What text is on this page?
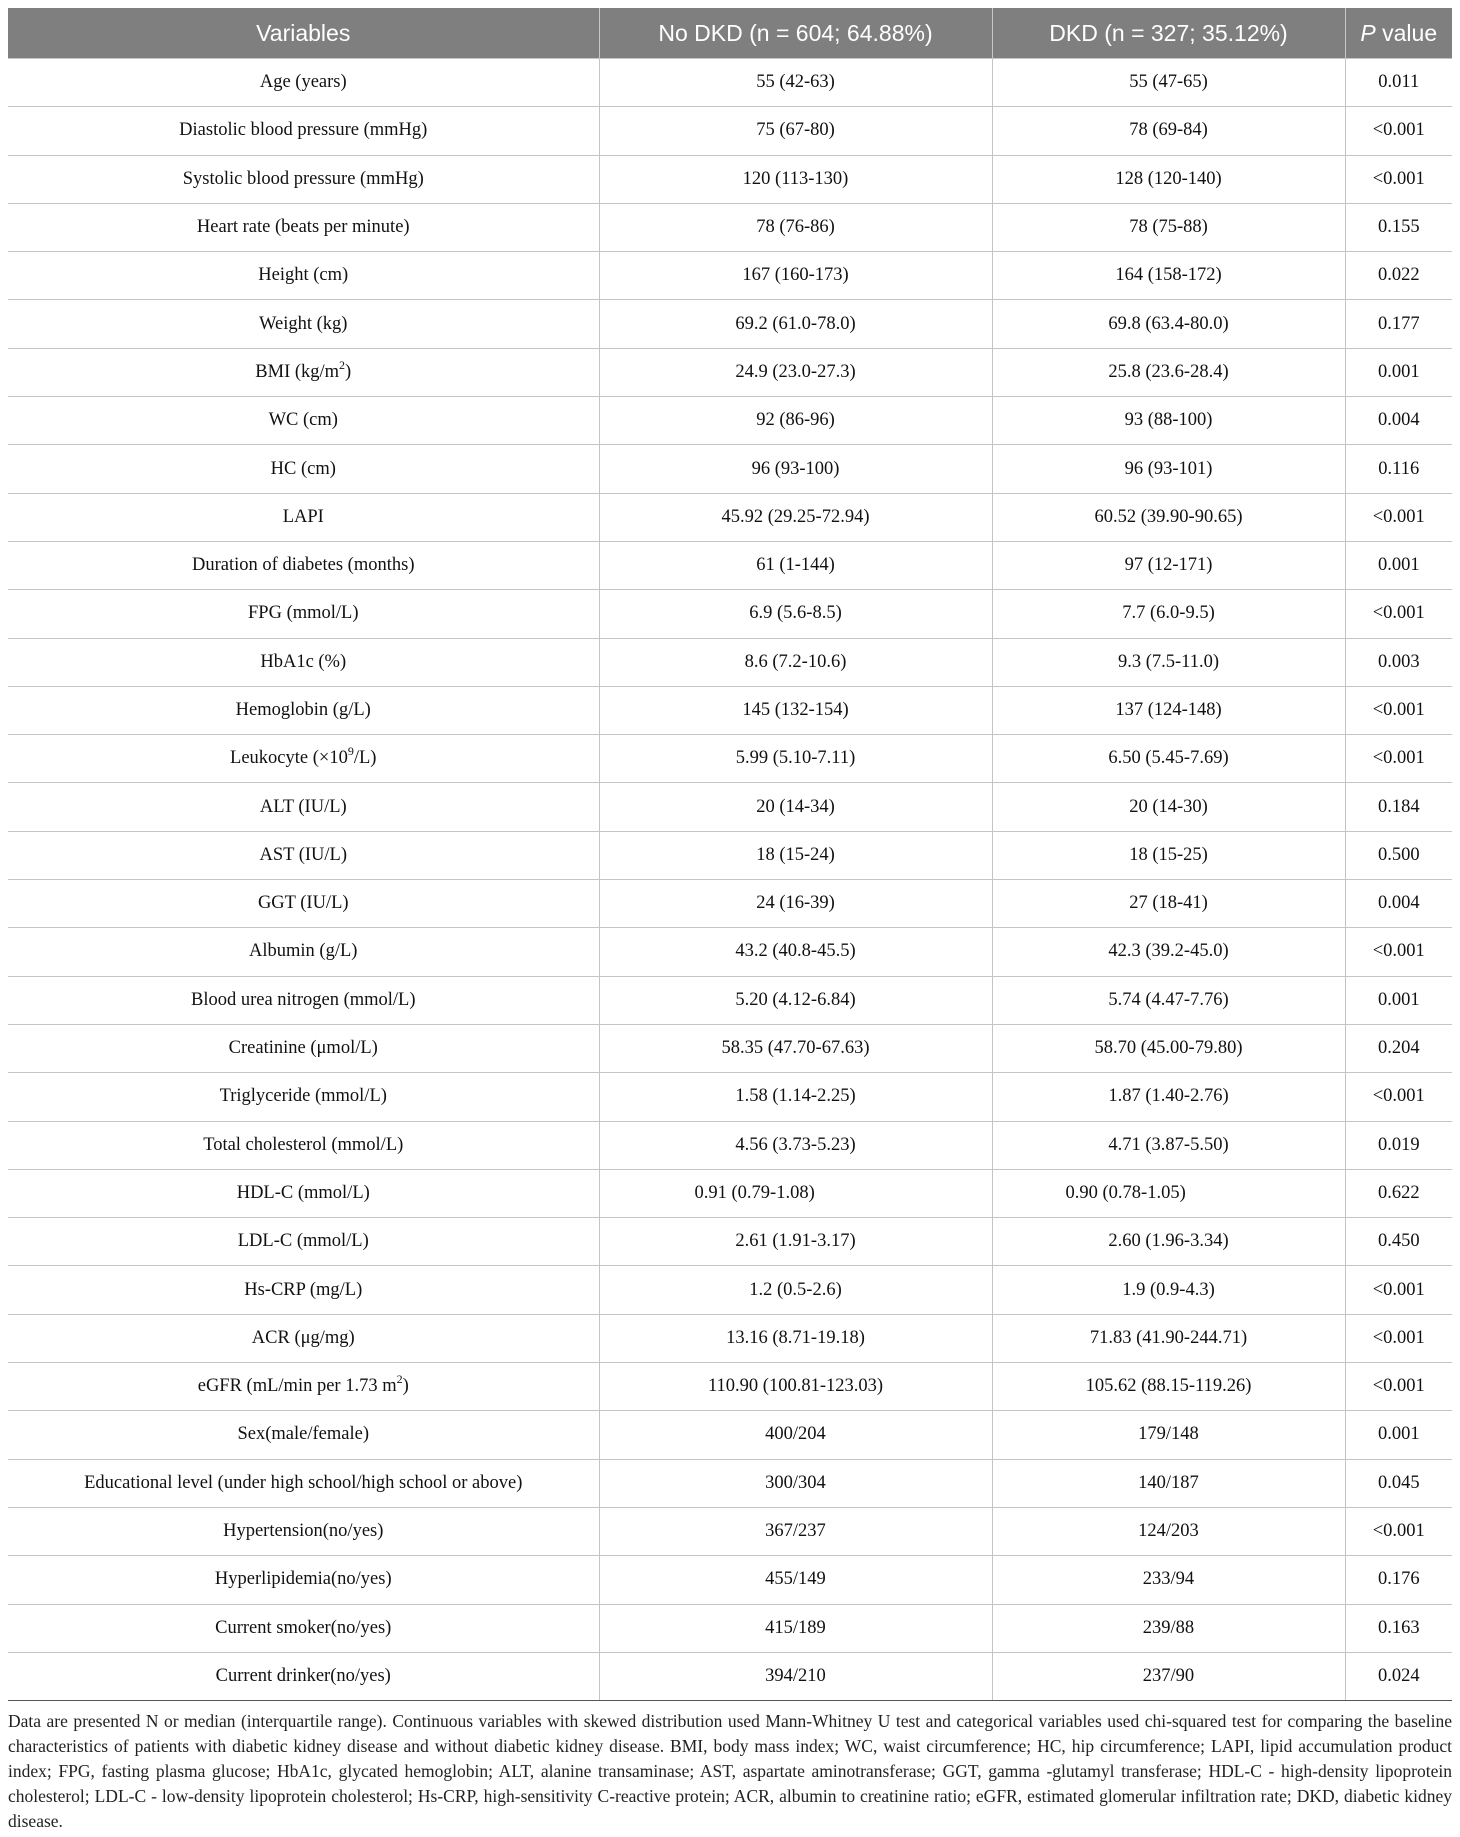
Variables	No DKD (n = 604; 64.88%)	DKD (n = 327; 35.12%)	P value
Age (years)	55 (42-63)	55 (47-65)	0.011
Diastolic blood pressure (mmHg)	75 (67-80)	78 (69-84)	<0.001
Systolic blood pressure (mmHg)	120 (113-130)	128 (120-140)	<0.001
Heart rate (beats per minute)	78 (76-86)	78 (75-88)	0.155
Height (cm)	167 (160-173)	164 (158-172)	0.022
Weight (kg)	69.2 (61.0-78.0)	69.8 (63.4-80.0)	0.177
BMI $(kg/m^2)$	24.9 (23.0-27.3)	25.8 (23.6-28.4)	0.001
WC (cm)	92 (86-96)	93 (88-100)	0.004
HC (cm)	96 (93-100)	96 (93-101)	0.116
LAPI	45.92 (29.25-72.94)	60.52 (39.90-90.65)	<0.001
Duration of diabetes (months)	61 (1-144)	97 (12-171)	0.001
FPG (mmol/L)	6.9 (5.6-8.5)	7.7 (6.0-9.5)	<0.001
HbA1c (%)	8.6 (7.2-10.6)	9.3 (7.5-11.0)	0.003
Hemoglobin (g/L)	145 (132-154)	137 (124-148)	<0.001
Leukocyte $(\times 10^9/L)$	5.99 (5.10-7.11)	6.50 (5.45-7.69)	<0.001
ALT (IU/L)	20 (14-34)	20 (14-30)	0.184
AST (IU/L)	18 (15-24)	18 (15-25)	0.500
GGT (IU/L)	24 (16-39)	27 (18-41)	0.004
Albumin (g/L)	43.2 (40.8-45.5)	42.3 (39.2-45.0)	<0.001
Blood urea nitrogen (mmol/L)	5.20 (4.12-6.84)	5.74 (4.47-7.76)	0.001
Creatinine (μmol/L)	58.35 (47.70-67.63)	58.70 (45.00-79.80)	0.204
Triglyceride (mmol/L)	1.58 (1.14-2.25)	1.87 (1.40-2.76)	<0.001
Total cholesterol (mmol/L)	4.56 (3.73-5.23)	4.71 (3.87-5.50)	0.019
HDL-C (mmol/L)	0.91 (0.79-1.08)	0.90 (0.78-1.05)	0.622
LDL-C (mmol/L)	2.61 (1.91-3.17)	2.60 (1.96-3.34)	0.450
Hs-CRP (mg/L)	1.2 (0.5-2.6)	1.9 (0.9-4.3)	<0.001
ACR (μg/mg)	13.16 (8.71-19.18)	71.83 (41.90-244.71)	<0.001
eGFR (mL/min per 1.73 $m^2$)	110.90 (100.81-123.03)	105.62 (88.15-119.26)	<0.001
Sex(male/female)	400/204	179/148	0.001
Educational level (under high school/high school or above)	300/304	140/187	0.045
Hypertension(no/yes)	367/237	124/203	<0.001
Hyperlipidemia(no/yes)	455/149	233/94	0.176
Current smoker(no/yes)	415/189	239/88	0.163
Current drinker(no/yes)	394/210	237/90	0.024
Data are presented N or median (interquartile range). Continuous variables with skewed distribution used Mann-Whitney U test and categorical variables used chi-squared test for comparing the baseline characteristics of patients with diabetic kidney disease and without diabetic kidney disease. BMI, body mass index; WC, waist circumference; HC, hip circumference; LAPI, lipid accumulation product index; FPG, fasting plasma glucose; HbA1c, glycated hemoglobin; ALT, alanine transaminase; AST, aspartate aminotransferase; GGT, gamma -glutamyl transferase; HDL-C - high-density lipoprotein cholesterol; LDL-C - low-density lipoprotein cholesterol; Hs-CRP, high-sensitivity C-reactive protein; ACR, albumin to creatinine ratio; eGFR, estimated glomerular infiltration rate; DKD, diabetic kidney disease.
